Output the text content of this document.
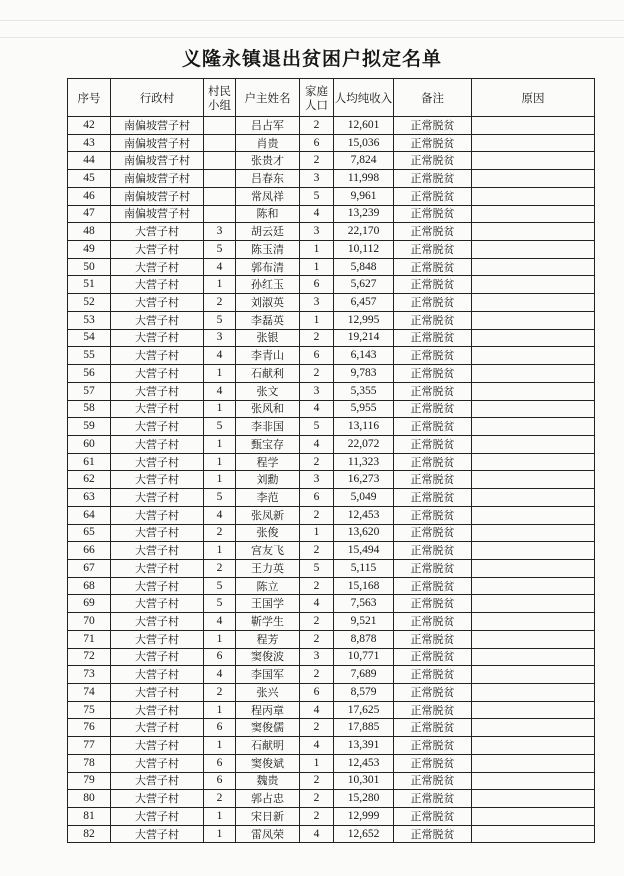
义隆永镇退出贫困户拟定名单
序号	行政村	村民小组	户主姓名	家庭人口	人均纯收入	备注	原因
42	南偏坡营子村		吕占军	2	12,601	正常脱贫	
43	南偏坡营子村		肖贵	6	15,036	正常脱贫	
44	南偏坡营子村		张贵才	2	7,824	正常脱贫	
45	南偏坡营子村		吕春东	3	11,998	正常脱贫	
46	南偏坡营子村		常凤祥	5	9,961	正常脱贫	
47	南偏坡营子村		陈和	4	13,239	正常脱贫	
48	大营子村	3	胡云廷	3	22,170	正常脱贫	
49	大营子村	5	陈玉清	1	10,112	正常脱贫	
50	大营子村	4	郭布清	1	5,848	正常脱贫	
51	大营子村	1	孙红玉	6	5,627	正常脱贫	
52	大营子村	2	刘淑英	3	6,457	正常脱贫	
53	大营子村	5	李磊英	1	12,995	正常脱贫	
54	大营子村	3	张银	2	19,214	正常脱贫	
55	大营子村	4	李青山	6	6,143	正常脱贫	
56	大营子村	1	石献利	2	9,783	正常脱贫	
57	大营子村	4	张文	3	5,355	正常脱贫	
58	大营子村	1	张风和	4	5,955	正常脱贫	
59	大营子村	5	李非国	5	13,116	正常脱贫	
60	大营子村	1	甄宝存	4	22,072	正常脱贫	
61	大营子村	1	程学	2	11,323	正常脱贫	
62	大营子村	1	刘勳	3	16,273	正常脱贫	
63	大营子村	5	李范	6	5,049	正常脱贫	
64	大营子村	4	张凤新	2	12,453	正常脱贫	
65	大营子村	2	张俊	1	13,620	正常脱贫	
66	大营子村	1	宫友飞	2	15,494	正常脱贫	
67	大营子村	2	王力英	5	5,115	正常脱贫	
68	大营子村	5	陈立	2	15,168	正常脱贫	
69	大营子村	5	王国学	4	7,563	正常脱贫	
70	大营子村	4	靳学生	2	9,521	正常脱贫	
71	大营子村	1	程芳	2	8,878	正常脱贫	
72	大营子村	6	窦俊波	3	10,771	正常脱贫	
73	大营子村	4	李国军	2	7,689	正常脱贫	
74	大营子村	2	张兴	6	8,579	正常脱贫	
75	大营子村	1	程丙章	4	17,625	正常脱贫	
76	大营子村	6	窦俊儒	2	17,885	正常脱贫	
77	大营子村	1	石献明	4	13,391	正常脱贫	
78	大营子村	6	窦俊斌	1	12,453	正常脱贫	
79	大营子村	6	魏贵	2	10,301	正常脱贫	
80	大营子村	2	郭占忠	2	15,280	正常脱贫	
81	大营子村	1	宋日新	2	12,999	正常脱贫	
82	大营子村	1	雷凤荣	4	12,652	正常脱贫	
